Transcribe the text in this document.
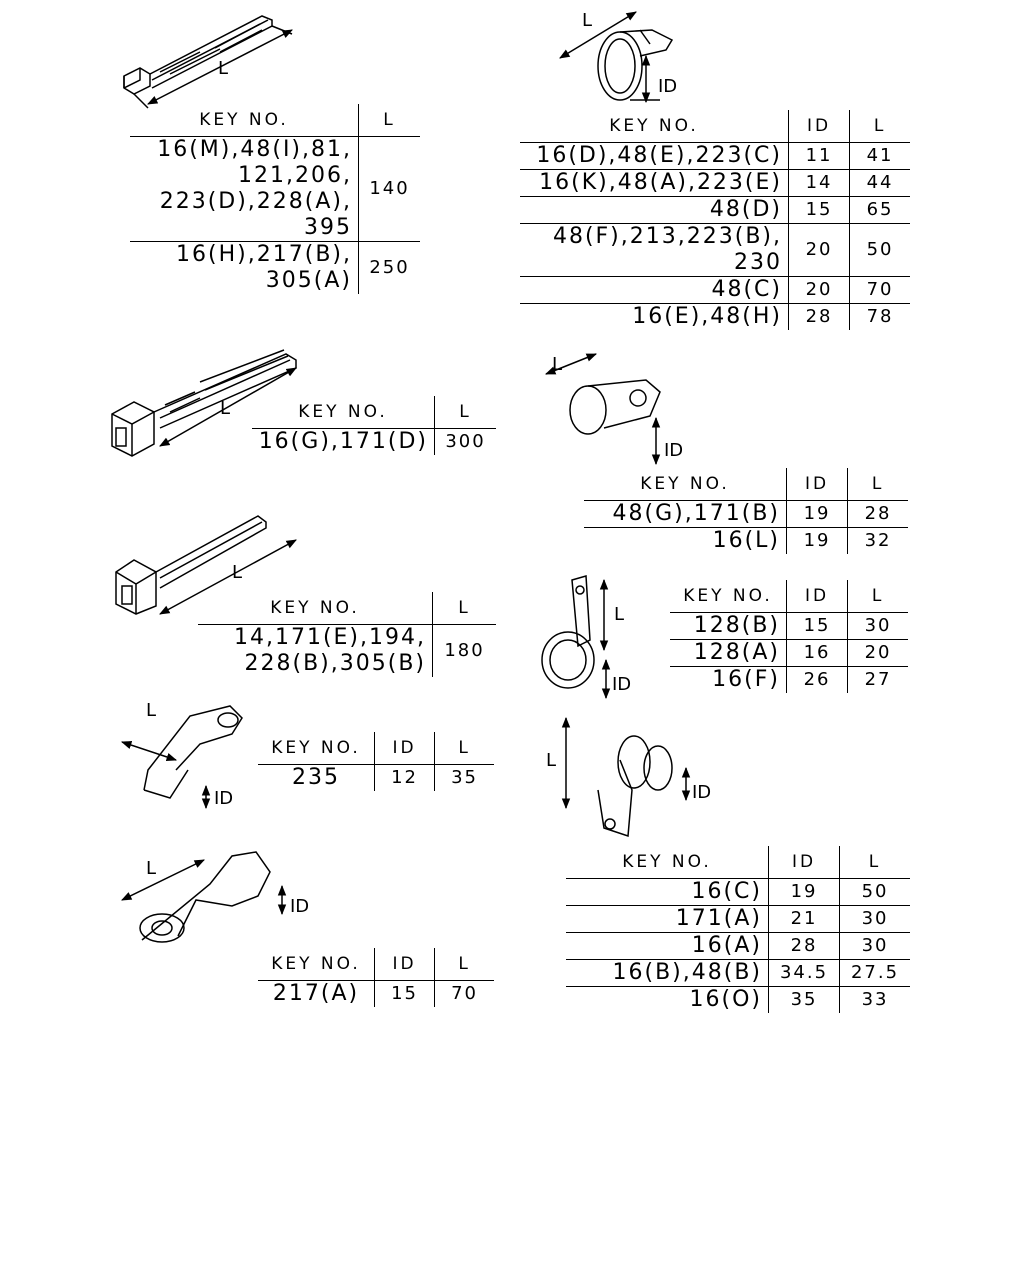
L
L
ID
L
L
ID
L
L
ID
L
ID
L
ID
L
ID
KEY NO.	L

16(M),48(I),81,
121,206,
223(D),228(A),
395	140

16(H),217(B),
305(A)	250
KEY NO.	ID	L

16(D),48(E),223(C)	11	41

16(K),48(A),223(E)	14	44

48(D)	15	65

48(F),213,223(B),
230	20	50

48(C)	20	70

16(E),48(H)	28	78
KEY NO.	L

16(G),171(D)	300
KEY NO.	ID	L

48(G),171(B)	19	28

16(L)	19	32
KEY NO.	L

14,171(E),194,
228(B),305(B)	180
KEY NO.	ID	L

128(B)	15	30

128(A)	16	20

16(F)	26	27
KEY NO.	ID	L

235	12	35
KEY NO.	ID	L

16(C)	19	50

171(A)	21	30

16(A)	28	30

16(B),48(B)	34.5	27.5

16(O)	35	33
KEY NO.	ID	L

217(A)	15	70
